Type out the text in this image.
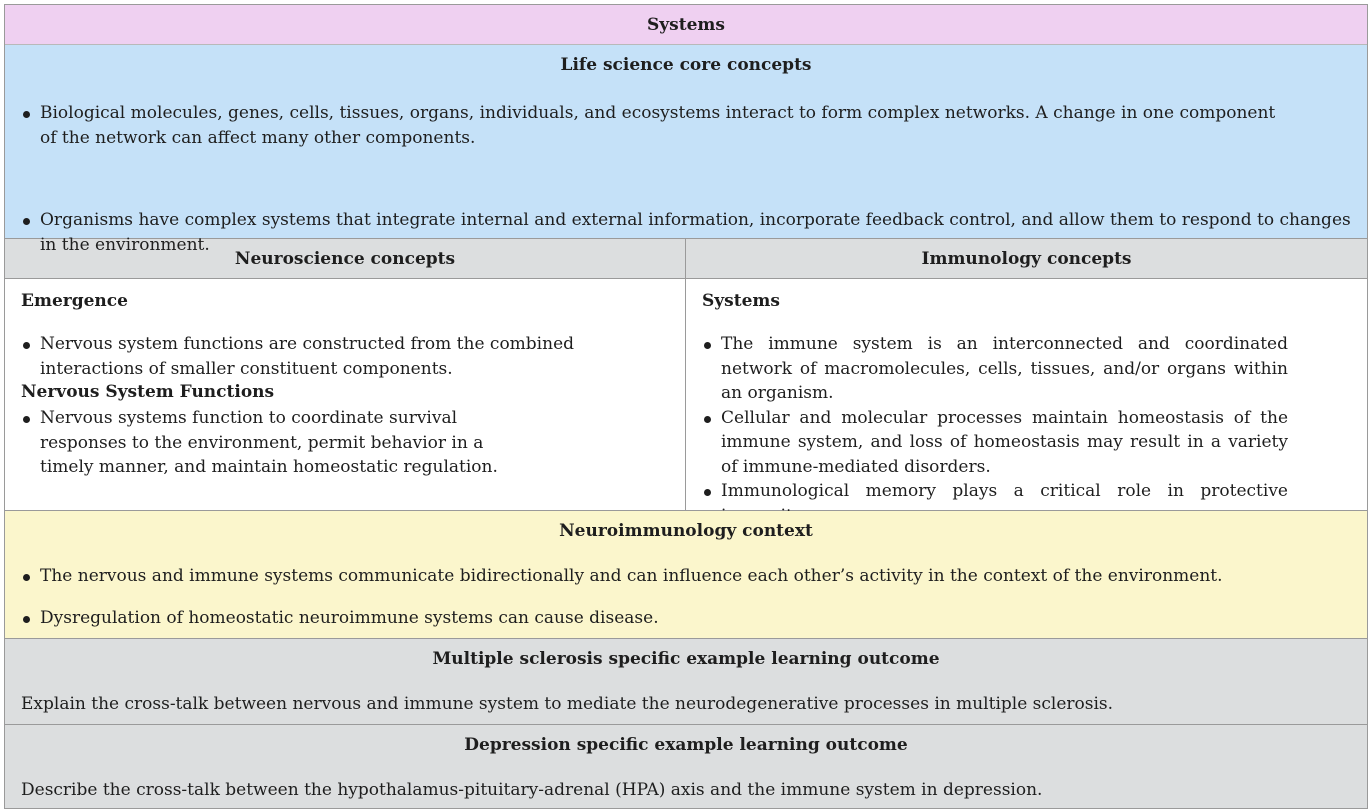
Systems
Life science core concepts
Biological molecules, genes, cells, tissues, organs, individuals, and ecosystems interact to form complex networks. A change in one component of the network can affect many other components.
Organisms have complex systems that integrate internal and external information, incorporate feedback control, and allow them to respond to changes in the environment.
Neuroscience concepts
Emergence
Nervous system functions are constructed from the combined interactions of smaller constituent components.
Nervous System Functions
Nervous systems function to coordinate survival responses to the environment, permit behavior in a timely manner, and maintain homeostatic regulation.
Immunology concepts
Systems
The immune system is an interconnected and coordinated network of macromolecules, cells, tissues, and/or organs within an organism.
Cellular and molecular processes maintain homeostasis of the immune system, and loss of homeostasis may result in a variety of immune-mediated disorders.
Immunological memory plays a critical role in protective
Neuroimmunology context
The nervous and immune systems communicate bidirectionally and can influence each other’s activity in the context of the environment.
Dysregulation of homeostatic neuroimmune systems can cause disease.
Multiple sclerosis specific example learning outcome
Explain the cross-talk between nervous and immune system to mediate the neurodegenerative processes in multiple sclerosis.
Depression specific example learning outcome
Describe the cross-talk between the hypothalamus-pituitary-adrenal (HPA) axis and the immune system in depression.
